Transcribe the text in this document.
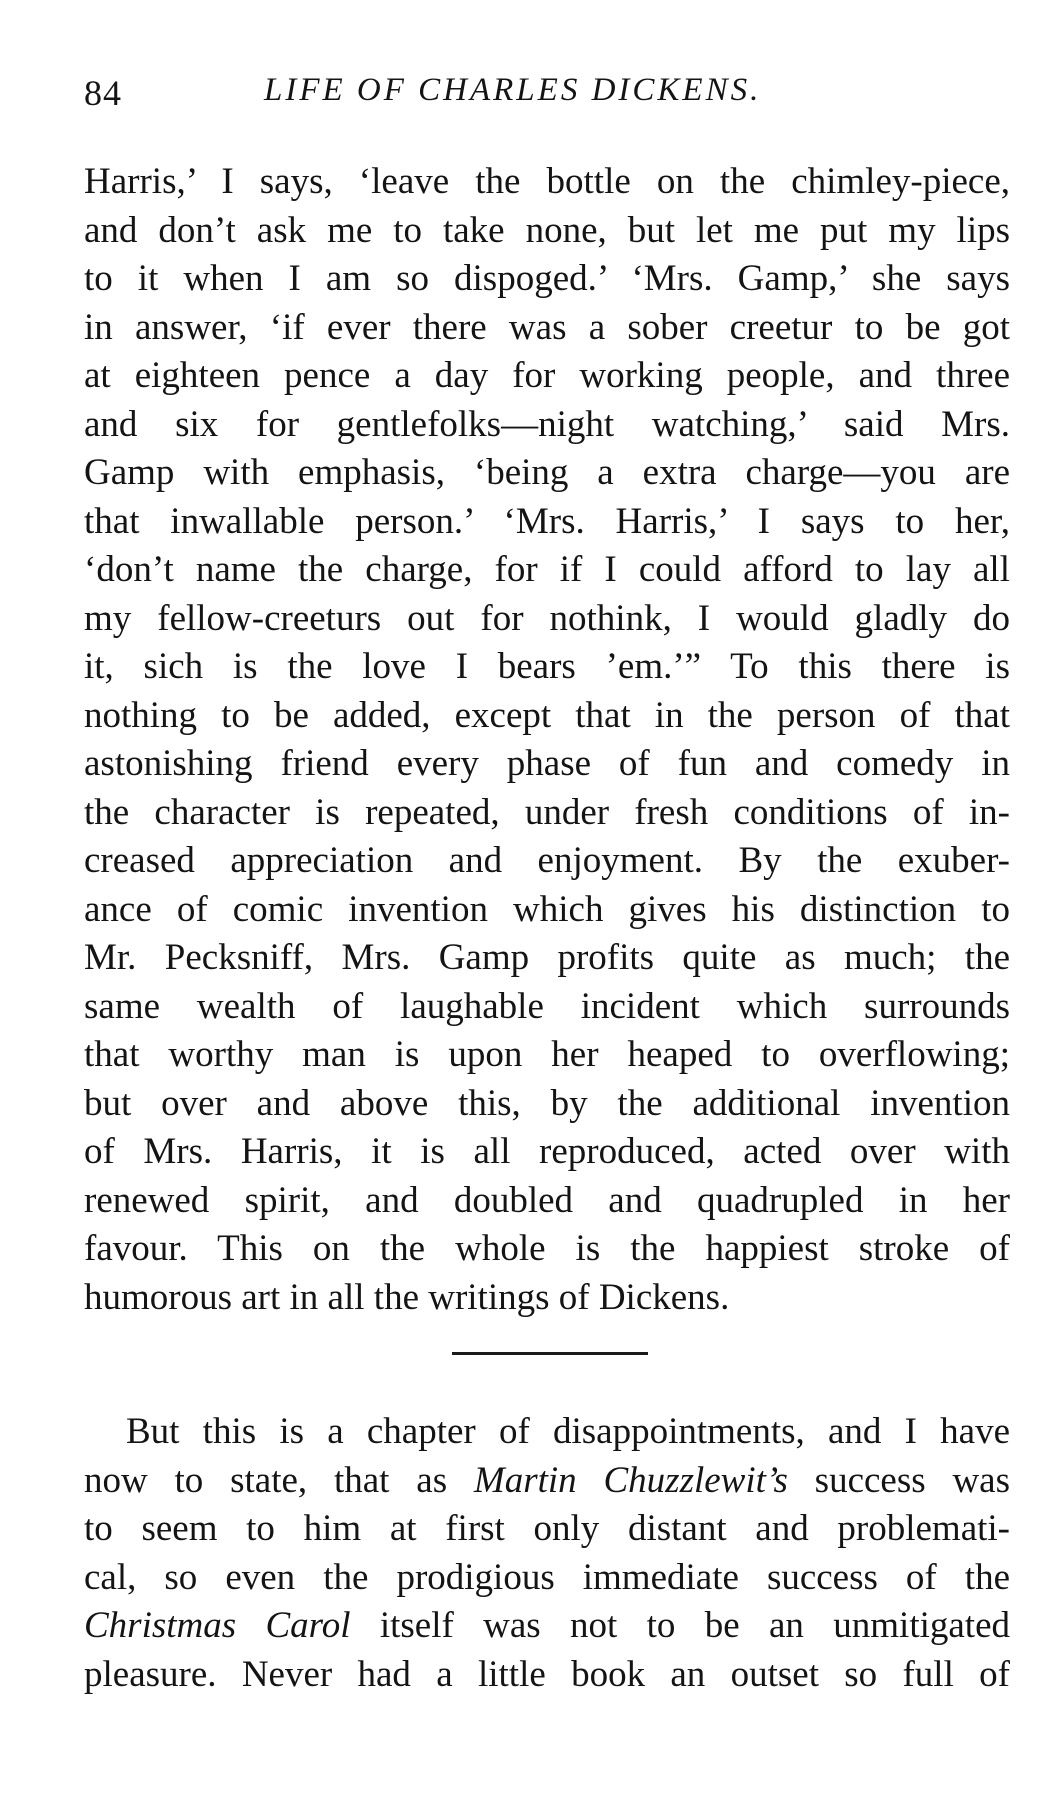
84	LIFE OF CHARLES DICKENS.
Harris,’ I says, ‘leave the bottle on the chimley-piece,
and don’t ask me to take none, but let me put my lips
to it when I am so dispoged.’ ‘Mrs. Gamp,’ she says
in answer, ‘if ever there was a sober creetur to be got
at eighteen pence a day for working people, and three
and six for gentlefolks—night watching,’ said Mrs.
Gamp with emphasis, ‘being a extra charge—you are
that inwallable person.’ ‘Mrs. Harris,’ I says to her,
‘don’t name the charge, for if I could afford to lay all
my fellow-creeturs out for nothink, I would gladly do
it, sich is the love I bears ’em.’” To this there is
nothing to be added, except that in the person of that
astonishing friend every phase of fun and comedy in
the character is repeated, under fresh conditions of in-
creased appreciation and enjoyment. By the exuber-
ance of comic invention which gives his distinction to
Mr. Pecksniff, Mrs. Gamp profits quite as much; the
same wealth of laughable incident which surrounds
that worthy man is upon her heaped to overflowing;
but over and above this, by the additional invention
of Mrs. Harris, it is all reproduced, acted over with
renewed spirit, and doubled and quadrupled in her
favour. This on the whole is the happiest stroke of
humorous art in all the writings of Dickens.
But this is a chapter of disappointments, and I have
now to state, that as Martin Chuzzlewit’s success was
to seem to him at first only distant and problemati-
cal, so even the prodigious immediate success of the
Christmas Carol itself was not to be an unmitigated
pleasure. Never had a little book an outset so full of
